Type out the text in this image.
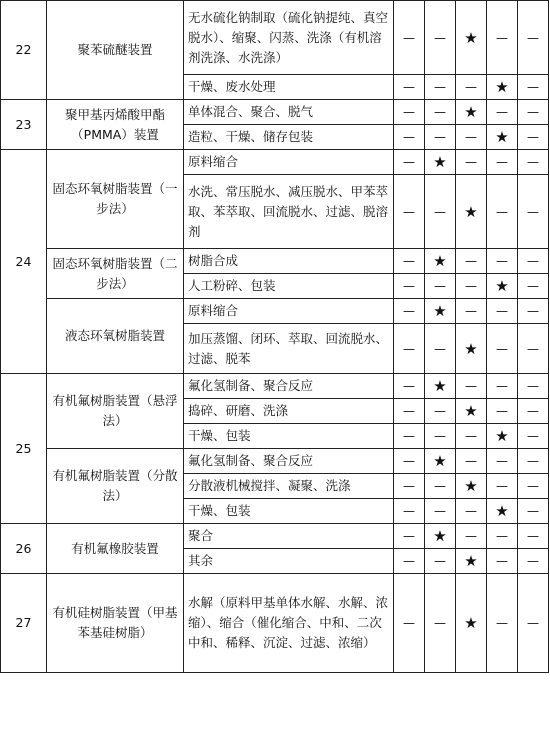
22	聚苯硫醚装置	无水硫化钠制取（硫化钠提纯、真空脱水）、缩聚、闪蒸、洗涤（有机溶剂洗涤、水洗涤）	—	—	★	—	—
		干燥、废水处理	—	—	—	★	—
23	聚甲基丙烯酸甲酯（PMMA）装置	单体混合、聚合、脱气	—	—	★	—	—
		造粒、干燥、储存包装	—	—	—	★	—
24	固态环氧树脂装置（一步法）	原料缩合	—	★	—	—	—
		水洗、常压脱水、减压脱水、甲苯萃取、苯萃取、回流脱水、过滤、脱溶剂	—	—	★	—	—
	固态环氧树脂装置（二步法）	树脂合成	—	★	—	—	—
		人工粉碎、包装	—	—	—	★	—
	液态环氧树脂装置	原料缩合	—	★	—	—	—
		加压蒸馏、闭环、萃取、回流脱水、过滤、脱苯	—	—	★	—	—
25	有机氟树脂装置（悬浮法）	氟化氢制备、聚合反应	—	★	—	—	—
		捣碎、研磨、洗涤	—	—	★	—	—
		干燥、包装	—	—	—	★	—
	有机氟树脂装置（分散法）	氟化氢制备、聚合反应	—	★	—	—	—
		分散液机械搅拌、凝聚、洗涤	—	—	★	—	—
		干燥、包装	—	—	—	★	—
26	有机氟橡胶装置	聚合	—	★	—	—	—
		其余	—	—	★	—	—
27	有机硅树脂装置（甲基苯基硅树脂）	水解（原料甲基单体水解、水解、浓缩）、缩合（催化缩合、中和、二次中和、稀释、沉淀、过滤、浓缩）	—	—	★	—	—
